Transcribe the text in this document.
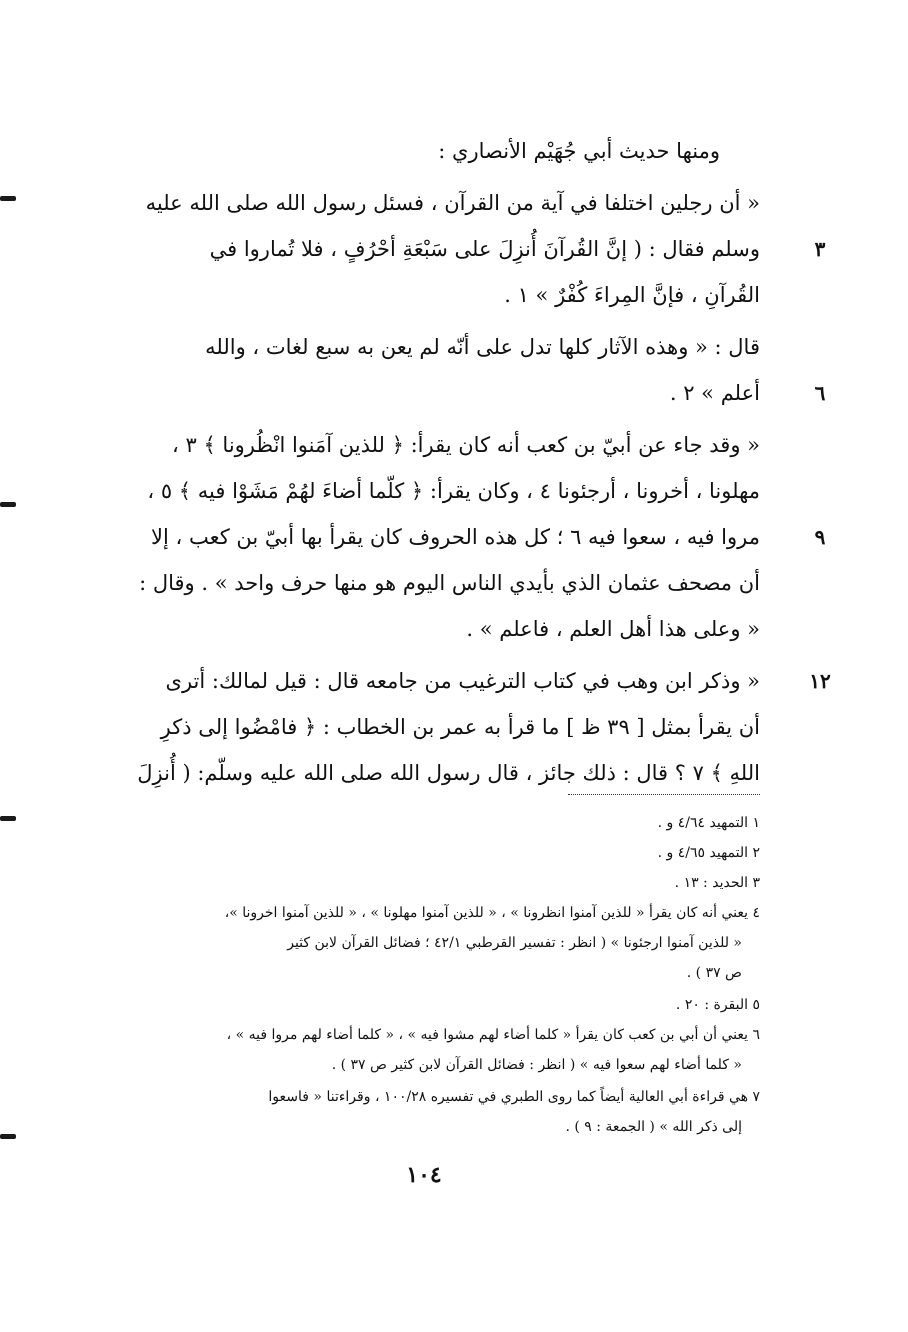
ومنها حديث أبي جُهَيْم الأنصاري :
« أن رجلين اختلفا في آية من القرآن ، فسئل رسول الله صلى الله عليه
وسلم فقال : ( إنَّ القُرآنَ أُنزِلَ على سَبْعَةِ أحْرُفٍ ، فلا تُماروا في
القُرآنِ ، فإنَّ المِراءَ كُفْرٌ » ١ .
قال : « وهذه الآثار كلها تدل على أنّه لم يعن به سبع لغات ، والله
أعلم » ٢ .
« وقد جاء عن أبيّ بن كعب أنه كان يقرأ: ﴿ للذين آمَنوا انْظُرونا ﴾ ٣ ،
مهلونا ، أخرونا ، أرجئونا ٤ ، وكان يقرأ: ﴿ كلّما أضاءَ لهُمْ مَشَوْا فيه ﴾ ٥ ،
مروا فيه ، سعوا فيه ٦ ؛ كل هذه الحروف كان يقرأ بها أبيّ بن كعب ، إلا
أن مصحف عثمان الذي بأيدي الناس اليوم هو منها حرف واحد » . وقال :
« وعلى هذا أهل العلم ، فاعلم » .
« وذكر ابن وهب في كتاب الترغيب من جامعه قال : قيل لمالك: أترى
أن يقرأ بمثل [ ٣٩ ظ ] ما قرأ به عمر بن الخطاب : ﴿ فامْضُوا إلى ذكرِ
اللهِ ﴾ ٧ ؟ قال : ذلك جائز ، قال رسول الله صلى الله عليه وسلّم: ( أُنزِلَ
٣
٦
٩
١٢
١ التمهيد ٤/٦٤ و .
٢ التمهيد ٤/٦٥ و .
٣ الحديد : ١٣ .
٤ يعني أنه كان يقرأ « للذين آمنوا انظرونا » ، « للذين آمنوا مهلونا » ، « للذين آمنوا اخرونا »،
« للذين آمنوا ارجئونا » ( انظر : تفسير القرطبي ٤٢/١ ؛ فضائل القرآن لابن كثير
ص ٣٧ ) .
٥ البقرة : ٢٠ .
٦ يعني أن أبي بن كعب كان يقرأ « كلما أضاء لهم مشوا فيه » ، « كلما أضاء لهم مروا فيه » ،
« كلما أضاء لهم سعوا فيه » ( انظر : فضائل القرآن لابن كثير ص ٣٧ ) .
٧ هي قراءة أبي العالية أيضاً كما روى الطبري في تفسيره ١٠٠/٢٨ ، وقراءتنا « فاسعوا
إلى ذكر الله » ( الجمعة : ٩ ) .
١٠٤
